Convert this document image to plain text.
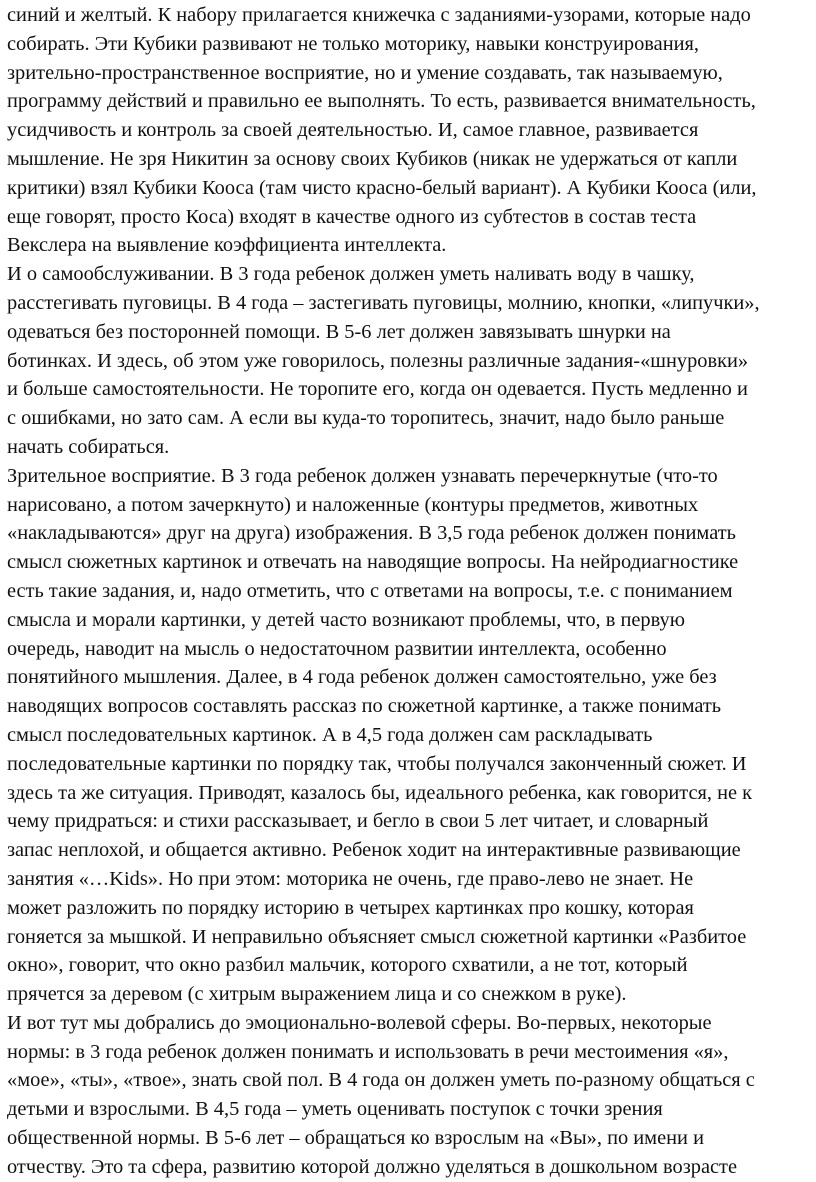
синий и желтый. К набору прилагается книжечка с заданиями-узорами, которые надо
собирать. Эти Кубики развивают не только моторику, навыки конструирования,
зрительно-пространственное восприятие, но и умение создавать, так называемую,
программу действий и правильно ее выполнять. То есть, развивается внимательность,
усидчивость и контроль за своей деятельностью. И, самое главное, развивается
мышление. Не зря Никитин за основу своих Кубиков (никак не удержаться от капли
критики) взял Кубики Кооса (там чисто красно-белый вариант). А Кубики Кооса (или,
еще говорят, просто Коса) входят в качестве одного из субтестов в состав теста
Векслера на выявление коэффициента интеллекта.
И о самообслуживании. В 3 года ребенок должен уметь наливать воду в чашку,
расстегивать пуговицы. В 4 года – застегивать пуговицы, молнию, кнопки, «липучки»,
одеваться без посторонней помощи. В 5-6 лет должен завязывать шнурки на
ботинках. И здесь, об этом уже говорилось, полезны различные задания-«шнуровки»
и больше самостоятельности. Не торопите его, когда он одевается. Пусть медленно и
с ошибками, но зато сам. А если вы куда-то торопитесь, значит, надо было раньше
начать собираться.
Зрительное восприятие. В 3 года ребенок должен узнавать перечеркнутые (что-то
нарисовано, а потом зачеркнуто) и наложенные (контуры предметов, животных
«накладываются» друг на друга) изображения. В 3,5 года ребенок должен понимать
смысл сюжетных картинок и отвечать на наводящие вопросы. На нейродиагностике
есть такие задания, и, надо отметить, что с ответами на вопросы, т.е. с пониманием
смысла и морали картинки, у детей часто возникают проблемы, что, в первую
очередь, наводит на мысль о недостаточном развитии интеллекта, особенно
понятийного мышления. Далее, в 4 года ребенок должен самостоятельно, уже без
наводящих вопросов составлять рассказ по сюжетной картинке, а также понимать
смысл последовательных картинок. А в 4,5 года должен сам раскладывать
последовательные картинки по порядку так, чтобы получался законченный сюжет. И
здесь та же ситуация. Приводят, казалось бы, идеального ребенка, как говорится, не к
чему придраться: и стихи рассказывает, и бегло в свои 5 лет читает, и словарный
запас неплохой, и общается активно. Ребенок ходит на интерактивные развивающие
занятия «…Kids». Но при этом: моторика не очень, где право-лево не знает. Не
может разложить по порядку историю в четырех картинках про кошку, которая
гоняется за мышкой. И неправильно объясняет смысл сюжетной картинки «Разбитое
окно», говорит, что окно разбил мальчик, которого схватили, а не тот, который
прячется за деревом (с хитрым выражением лица и со снежком в руке).
И вот тут мы добрались до эмоционально-волевой сферы. Во-первых, некоторые
нормы: в 3 года ребенок должен понимать и использовать в речи местоимения «я»,
«мое», «ты», «твое», знать свой пол. В 4 года он должен уметь по-разному общаться с
детьми и взрослыми. В 4,5 года – уметь оценивать поступок с точки зрения
общественной нормы. В 5-6 лет – обращаться ко взрослым на «Вы», по имени и
отчеству. Это та сфера, развитию которой должно уделяться в дошкольном возрасте
